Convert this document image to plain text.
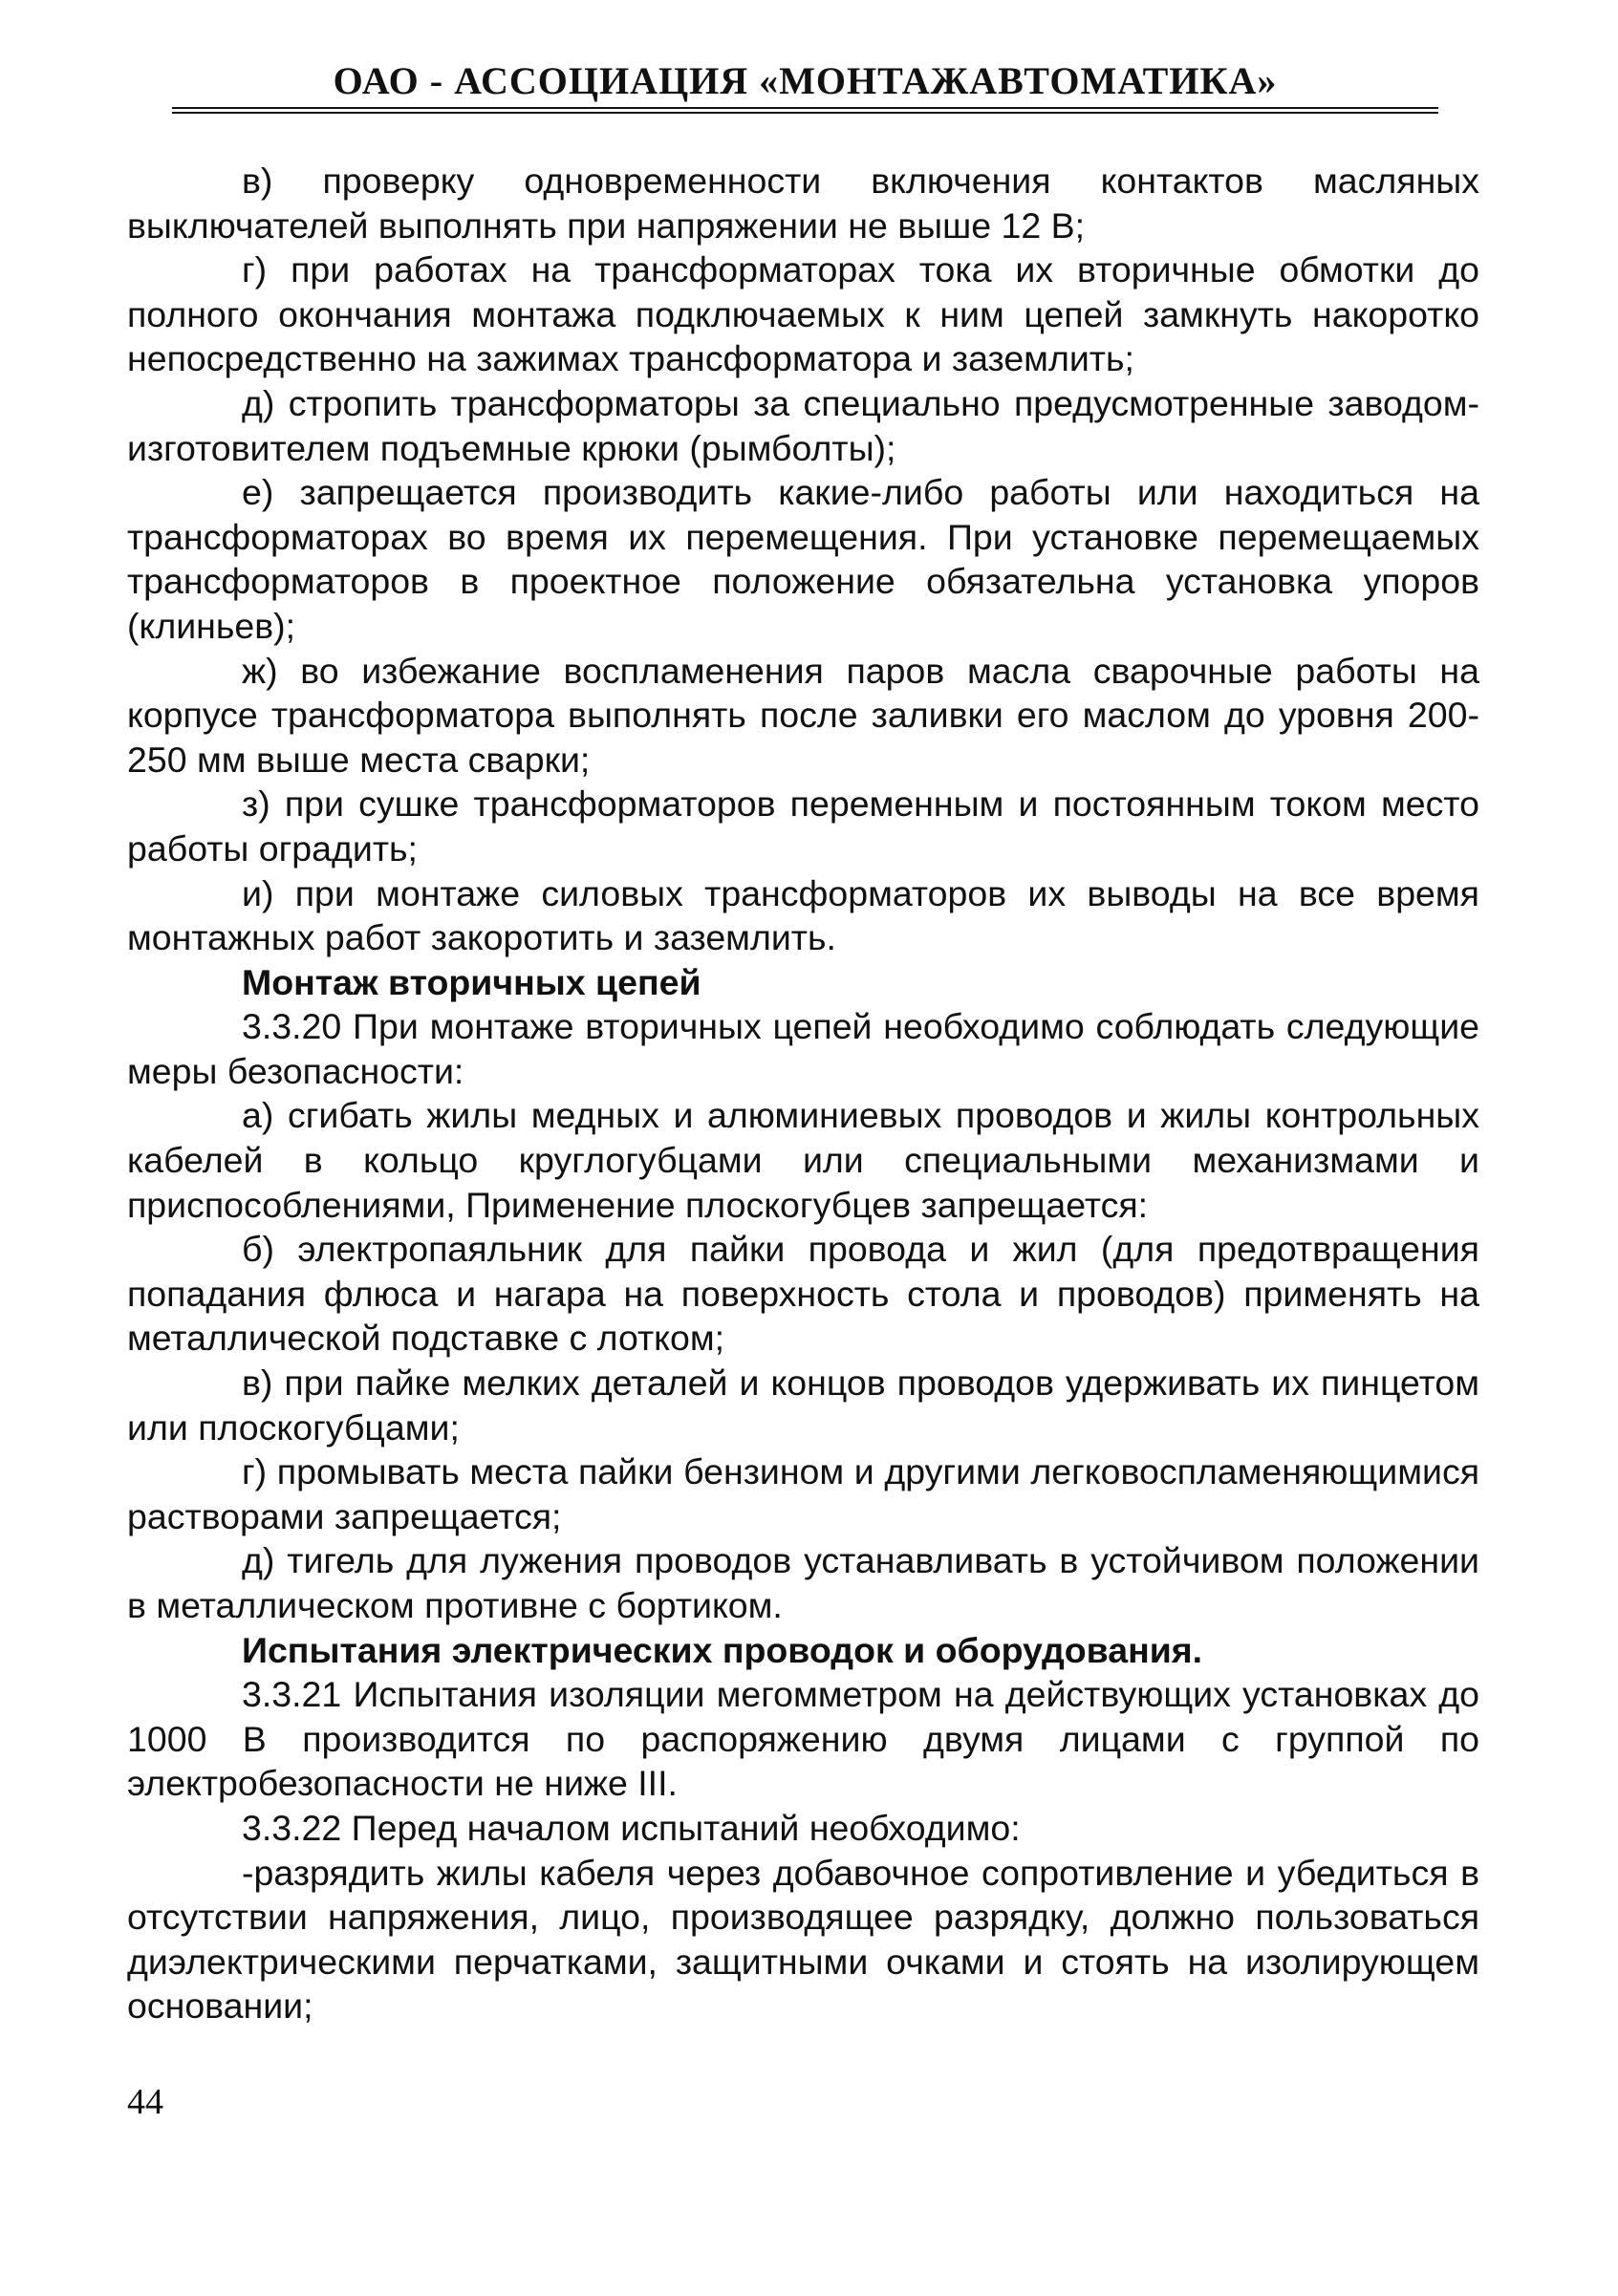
ОАО - АССОЦИАЦИЯ «МОНТАЖАВТОМАТИКА»

в) проверку одновременности включения контактов масляных выключателей выполнять при напряжении не выше 12 В;

г) при работах на трансформаторах тока их вторичные обмотки до полного окончания монтажа подключаемых к ним цепей замкнуть накоротко непосредственно на зажимах трансформатора и заземлить;

д) стропить трансформаторы за специально предусмотренные заводом-изготовителем подъемные крюки (рымболты);

е) запрещается производить какие-либо работы или находиться на трансформаторах во время их перемещения. При установке перемещаемых трансформаторов в проектное положение обязательна установка упоров (клиньев);

ж) во избежание воспламенения паров масла сварочные работы на корпусе трансформатора выполнять после заливки его маслом до уровня 200-250 мм выше места сварки;

з) при сушке трансформаторов переменным и постоянным током место работы оградить;

и) при монтаже силовых трансформаторов их выводы на все время монтажных работ закоротить и заземлить.

Монтаж вторичных цепей

3.3.20 При монтаже вторичных цепей необходимо соблюдать следующие меры безопасности:

а) сгибать жилы медных и алюминиевых проводов и жилы контрольных кабелей в кольцо круглогубцами или специальными механизмами и приспособлениями, Применение плоскогубцев запрещается:

б) электропаяльник для пайки провода и жил (для предотвращения попадания флюса и нагара на поверхность стола и проводов) применять на металлической подставке с лотком;

в) при пайке мелких деталей и концов проводов удерживать их пинцетом или плоскогубцами;

г) промывать места пайки бензином и другими легковоспламеняющимися растворами запрещается;

д) тигель для лужения проводов устанавливать в устойчивом положении в металлическом противне с бортиком.

Испытания электрических проводок и оборудования.

3.3.21 Испытания изоляции мегомметром на действующих установках до 1000 В производится по распоряжению двумя лицами с группой по электробезопасности не ниже III.

3.3.22 Перед началом испытаний необходимо:

-разрядить жилы кабеля через добавочное сопротивление и убедиться в отсутствии напряжения, лицо, производящее разрядку, должно пользоваться диэлектрическими перчатками, защитными очками и стоять на изолирующем основании;

44
